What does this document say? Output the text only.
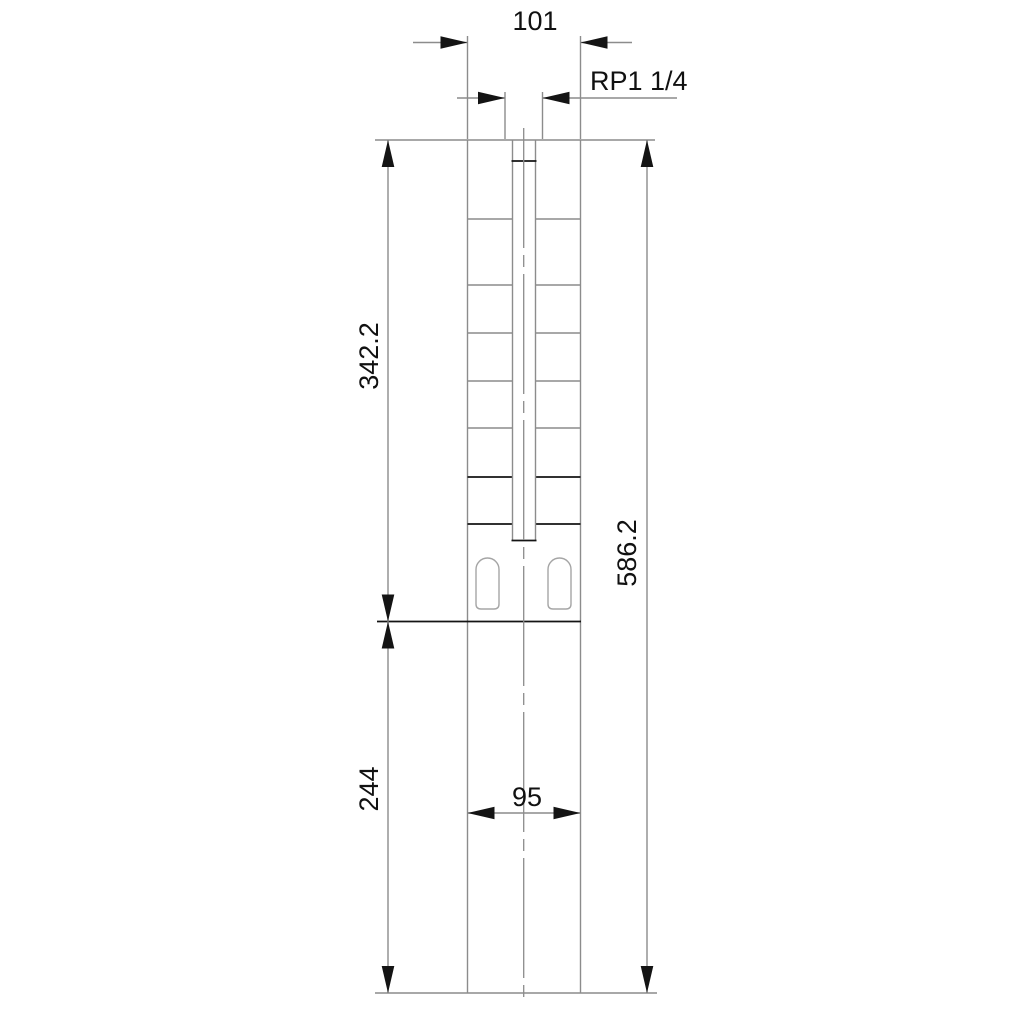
101
RP1 1/4
342.2
244
586.2
95
